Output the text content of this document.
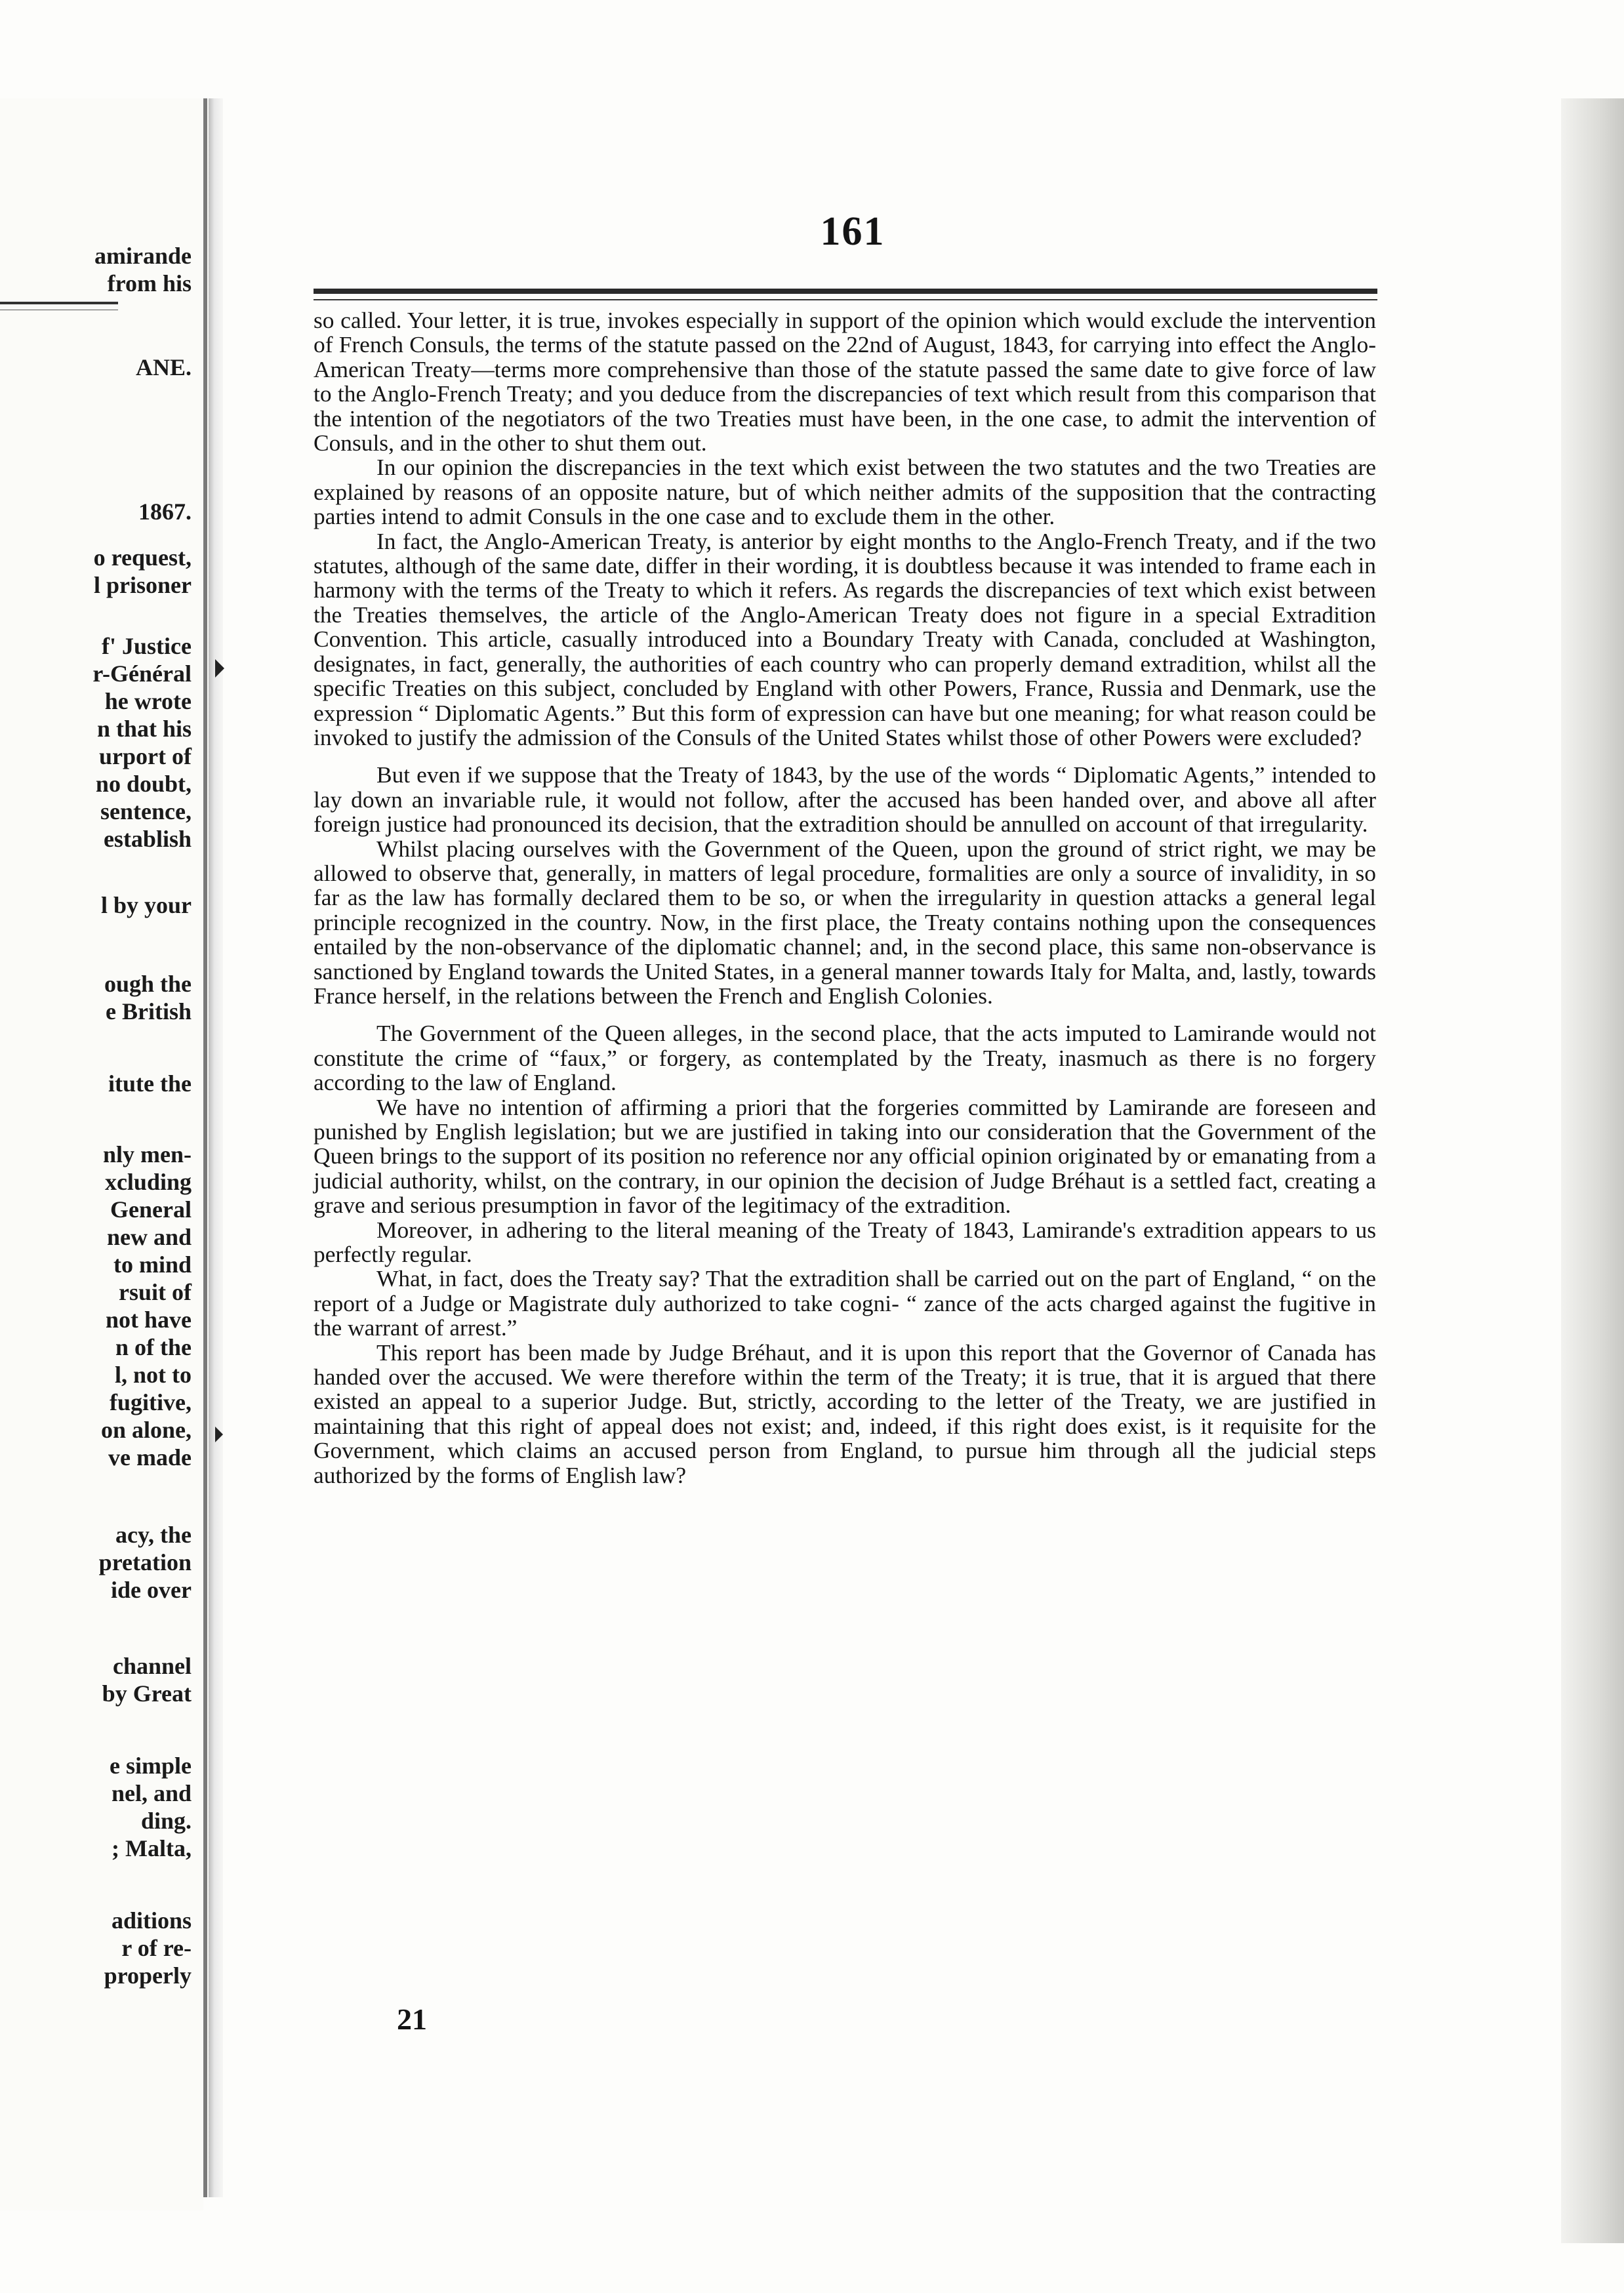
amirande
from his
ANE.
1867.
o request,
l prisoner
f' Justice
r-Général
he wrote
n that his
urport of
no doubt,
sentence,
establish
l by your
ough the
e British
itute the
nly men-
xcluding
General
new and
to mind
rsuit of
not have
n of the
l, not to
fugitive,
on alone,
ve made
acy, the
pretation
ide over
channel
by Great
e simple
nel, and
ding.
; Malta,
aditions
r of re-
properly
161

so called. Your letter, it is true, invokes especially in support of the opinion which would exclude the intervention of French Consuls, the terms of the statute passed on the 22nd of August, 1843, for carrying into effect the Anglo-American Treaty—terms more comprehensive than those of the statute passed the same date to give force of law to the Anglo-French Treaty; and you deduce from the discrepancies of text which result from this comparison that the intention of the negotiators of the two Treaties must have been, in the one case, to admit the intervention of Consuls, and in the other to shut them out.

In our opinion the discrepancies in the text which exist between the two statutes and the two Treaties are explained by reasons of an opposite nature, but of which neither admits of the supposition that the contracting parties intend to admit Consuls in the one case and to exclude them in the other.

In fact, the Anglo-American Treaty, is anterior by eight months to the Anglo-French Treaty, and if the two statutes, although of the same date, differ in their wording, it is doubtless because it was intended to frame each in harmony with the terms of the Treaty to which it refers. As regards the discrepancies of text which exist between the Treaties themselves, the article of the Anglo-American Treaty does not figure in a special Extradition Convention. This article, casually introduced into a Boundary Treaty with Canada, concluded at Washington, designates, in fact, generally, the authorities of each country who can properly demand extradition, whilst all the specific Treaties on this subject, concluded by England with other Powers, France, Russia and Denmark, use the expression “ Diplomatic Agents.” But this form of expression can have but one meaning; for what reason could be invoked to justify the admission of the Consuls of the United States whilst those of other Powers were excluded?

But even if we suppose that the Treaty of 1843, by the use of the words “ Diplomatic Agents,” intended to lay down an invariable rule, it would not follow, after the accused has been handed over, and above all after foreign justice had pronounced its decision, that the extradition should be annulled on account of that irregularity.

Whilst placing ourselves with the Government of the Queen, upon the ground of strict right, we may be allowed to observe that, generally, in matters of legal procedure, formalities are only a source of invalidity, in so far as the law has formally declared them to be so, or when the irregularity in question attacks a general legal principle recognized in the country. Now, in the first place, the Treaty contains nothing upon the consequences entailed by the non-observance of the diplomatic channel; and, in the second place, this same non-observance is sanctioned by England towards the United States, in a general manner towards Italy for Malta, and, lastly, towards France herself, in the relations between the French and English Colonies.

The Government of the Queen alleges, in the second place, that the acts imputed to Lamirande would not constitute the crime of “faux,” or forgery, as contemplated by the Treaty, inasmuch as there is no forgery according to the law of England.

We have no intention of affirming a priori that the forgeries committed by Lamirande are foreseen and punished by English legislation; but we are justified in taking into our consideration that the Government of the Queen brings to the support of its position no reference nor any official opinion originated by or emanating from a judicial authority, whilst, on the contrary, in our opinion the decision of Judge Bréhaut is a settled fact, creating a grave and serious presumption in favor of the legitimacy of the extradition.

Moreover, in adhering to the literal meaning of the Treaty of 1843, Lamirande's extradition appears to us perfectly regular.

What, in fact, does the Treaty say? That the extradition shall be carried out on the part of England, “ on the report of a Judge or Magistrate duly authorized to take cogni- “ zance of the acts charged against the fugitive in the warrant of arrest.”

This report has been made by Judge Bréhaut, and it is upon this report that the Governor of Canada has handed over the accused. We were therefore within the term of the Treaty; it is true, that it is argued that there existed an appeal to a superior Judge. But, strictly, according to the letter of the Treaty, we are justified in maintaining that this right of appeal does not exist; and, indeed, if this right does exist, is it requisite for the Government, which claims an accused person from England, to pursue him through all the judicial steps authorized by the forms of English law?

21
